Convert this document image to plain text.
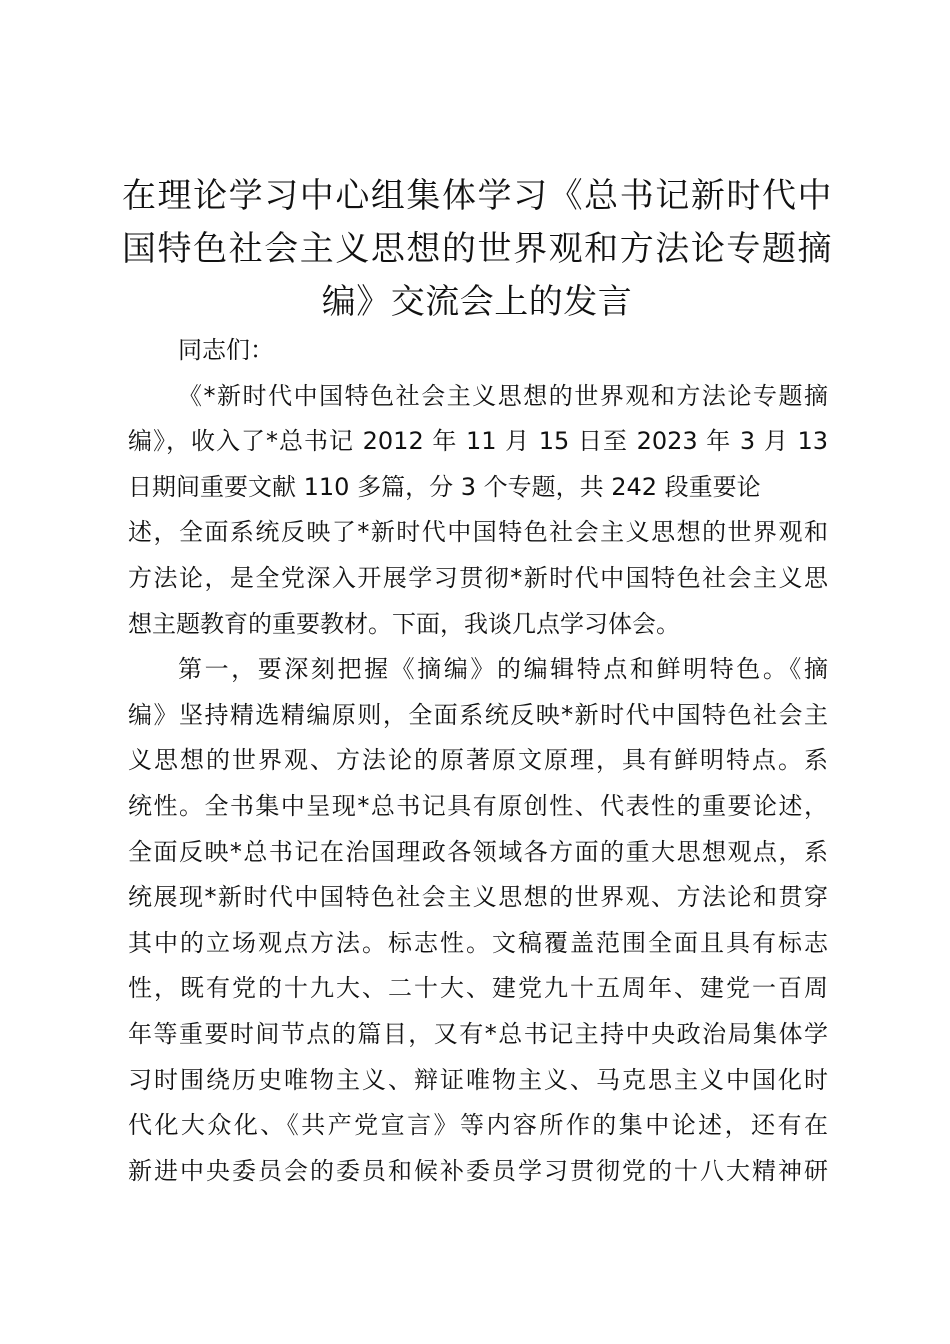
在理论学习中心组集体学习《总书记新时代中
国特色社会主义思想的世界观和方法论专题摘
编》交流会上的发言
同志们：
《*新时代中国特色社会主义思想的世界观和方法论专题摘
编》，收入了*总书记 2012 年 11 月 15 日至 2023 年 3 月 13
日期间重要文献 110 多篇，分 3 个专题，共 242 段重要论
述，全面系统反映了*新时代中国特色社会主义思想的世界观和
方法论，是全党深入开展学习贯彻*新时代中国特色社会主义思
想主题教育的重要教材。下面，我谈几点学习体会。
第一，要深刻把握《摘编》的编辑特点和鲜明特色。《摘
编》坚持精选精编原则，全面系统反映*新时代中国特色社会主
义思想的世界观、方法论的原著原文原理，具有鲜明特点。系
统性。全书集中呈现*总书记具有原创性、代表性的重要论述，
全面反映*总书记在治国理政各领域各方面的重大思想观点，系
统展现*新时代中国特色社会主义思想的世界观、方法论和贯穿
其中的立场观点方法。标志性。文稿覆盖范围全面且具有标志
性，既有党的十九大、二十大、建党九十五周年、建党一百周
年等重要时间节点的篇目，又有*总书记主持中央政治局集体学
习时围绕历史唯物主义、辩证唯物主义、马克思主义中国化时
代化大众化、《共产党宣言》等内容所作的集中论述，还有在
新进中央委员会的委员和候补委员学习贯彻党的十八大精神研
